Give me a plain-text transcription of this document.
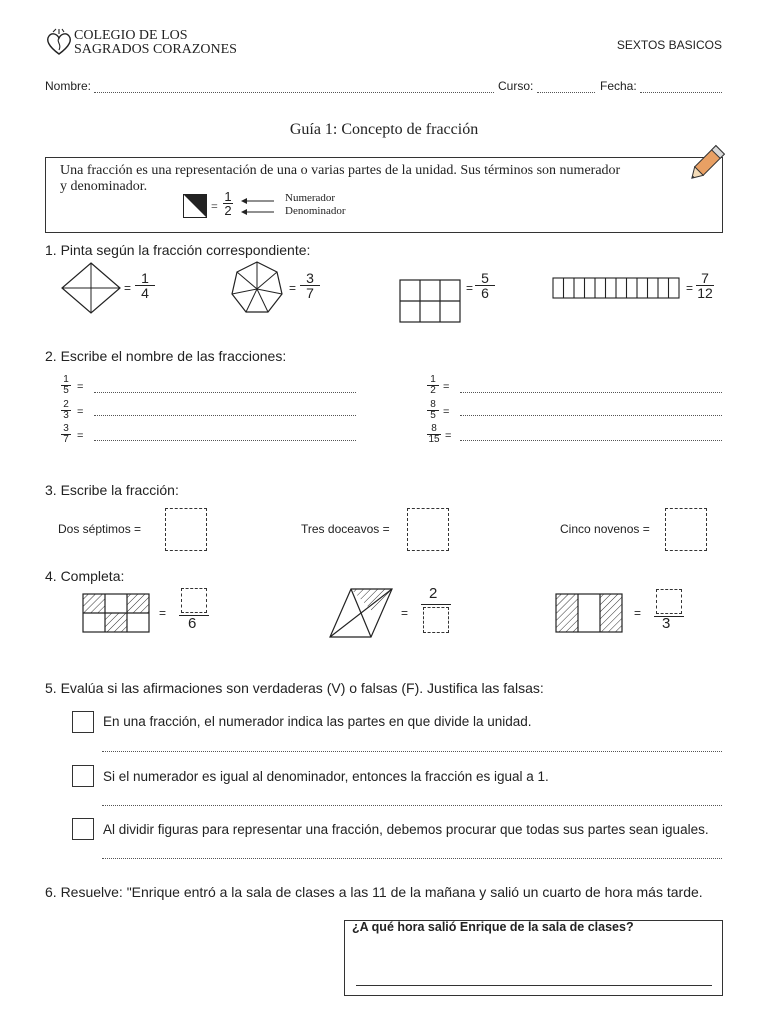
COLEGIO DE LOS
SAGRADOS CORAZONES	SEXTOS BASICOS
Nombre:	Curso:	Fecha:
Guía 1: Concepto de fracción
Una fracción es una representación de una o varias partes de la unidad. Sus términos son numerador
y denominador.
=
1
2
Numerador
Denominador
1. Pinta según la fracción correspondiente:
=
1
4	=
3
7	=
5
6	=
7
12
2. Escribe el nombre de las fracciones:
1
5 =
2
3 =
3
7 =
1
2 =
8
5 =
8
15 =
3. Escribe la fracción:
Dos séptimos =	Tres doceavos =	Cinco novenos =
4. Completa:
=
6
=
2
=
3
5. Evalúa si las afirmaciones son verdaderas (V) o falsas (F). Justifica las falsas:
En una fracción, el numerador indica las partes en que divide la unidad.
Si el numerador es igual al denominador, entonces la fracción es igual a 1.
Al dividir figuras para representar una fracción, debemos procurar que todas sus partes sean iguales.
6. Resuelve: "Enrique entró a la sala de clases a las 11 de la mañana y salió un cuarto de hora más tarde.
¿A qué hora salió Enrique de la sala de clases?
